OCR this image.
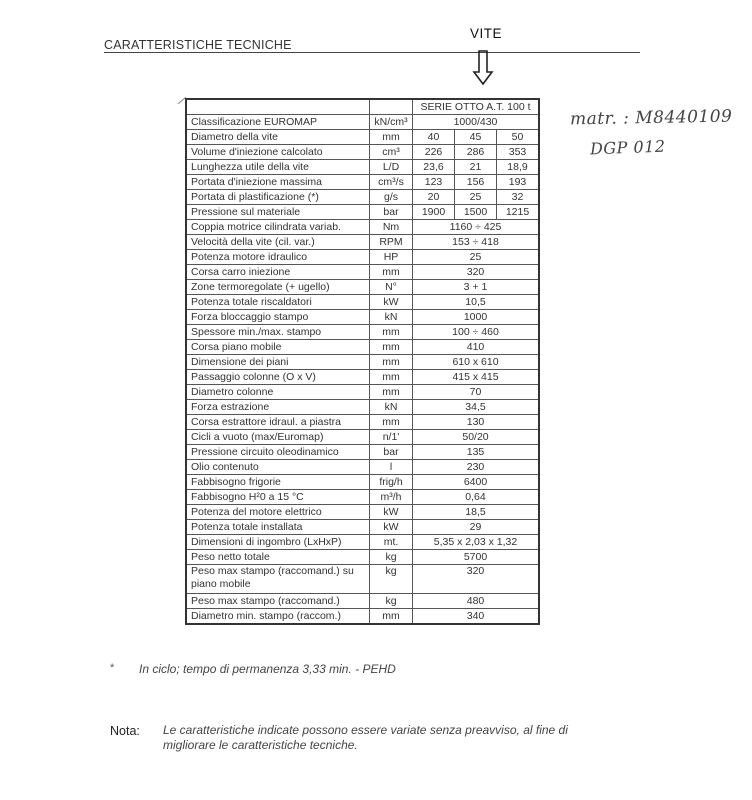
CARATTERISTICHE TECNICHE
VITE
matr. : M8440109
DGP 012
		SERIE OTTO A.T. 100 t		
Classificazione EUROMAP	kN/cm³	1000/430		
Diametro della vite	mm	40	45	50
Volume d'iniezione calcolato	cm³	226	286	353
Lunghezza utile della vite	L/D	23,6	21	18,9
Portata d'iniezione massima	cm³/s	123	156	193
Portata di plastificazione (*)	g/s	20	25	32
Pressione sul materiale	bar	1900	1500	1215
Coppia motrice cilindrata variab.	Nm	1160 ÷ 425		
Velocità della vite (cil. var.)	RPM	153 ÷ 418		
Potenza motore idraulico	HP	25		
Corsa carro iniezione	mm	320		
Zone termoregolate (+ ugello)	N°	3 + 1		
Potenza totale riscaldatori	kW	10,5		
Forza bloccaggio stampo	kN	1000		
Spessore min./max. stampo	mm	100 ÷ 460		
Corsa piano mobile	mm	410		
Dimensione dei piani	mm	610 x 610		
Passaggio colonne (O x V)	mm	415 x 415		
Diametro colonne	mm	70		
Forza estrazione	kN	34,5		
Corsa estrattore idraul. a piastra	mm	130		
Cicli a vuoto (max/Euromap)	n/1'	50/20		
Pressione circuito oleodinamico	bar	135		
Olio contenuto	l	230		
Fabbisogno frigorie	frig/h	6400		
Fabbisogno H²0 a 15 °C	m³/h	0,64		
Potenza del motore elettrico	kW	18,5		
Potenza totale installata	kW	29		
Dimensioni di ingombro (LxHxP)	mt.	5,35 x 2,03 x 1,32		
Peso netto totale	kg	5700		
Peso max stampo (raccomand.) su piano mobile	kg	320		
Peso max stampo (raccomand.)	kg	480		
Diametro min. stampo (raccom.)	mm	340		
* In ciclo; tempo di permanenza 3,33 min. - PEHD
Nota: Le caratteristiche indicate possono essere variate senza preavviso, al fine di migliorare le caratteristiche tecniche.
